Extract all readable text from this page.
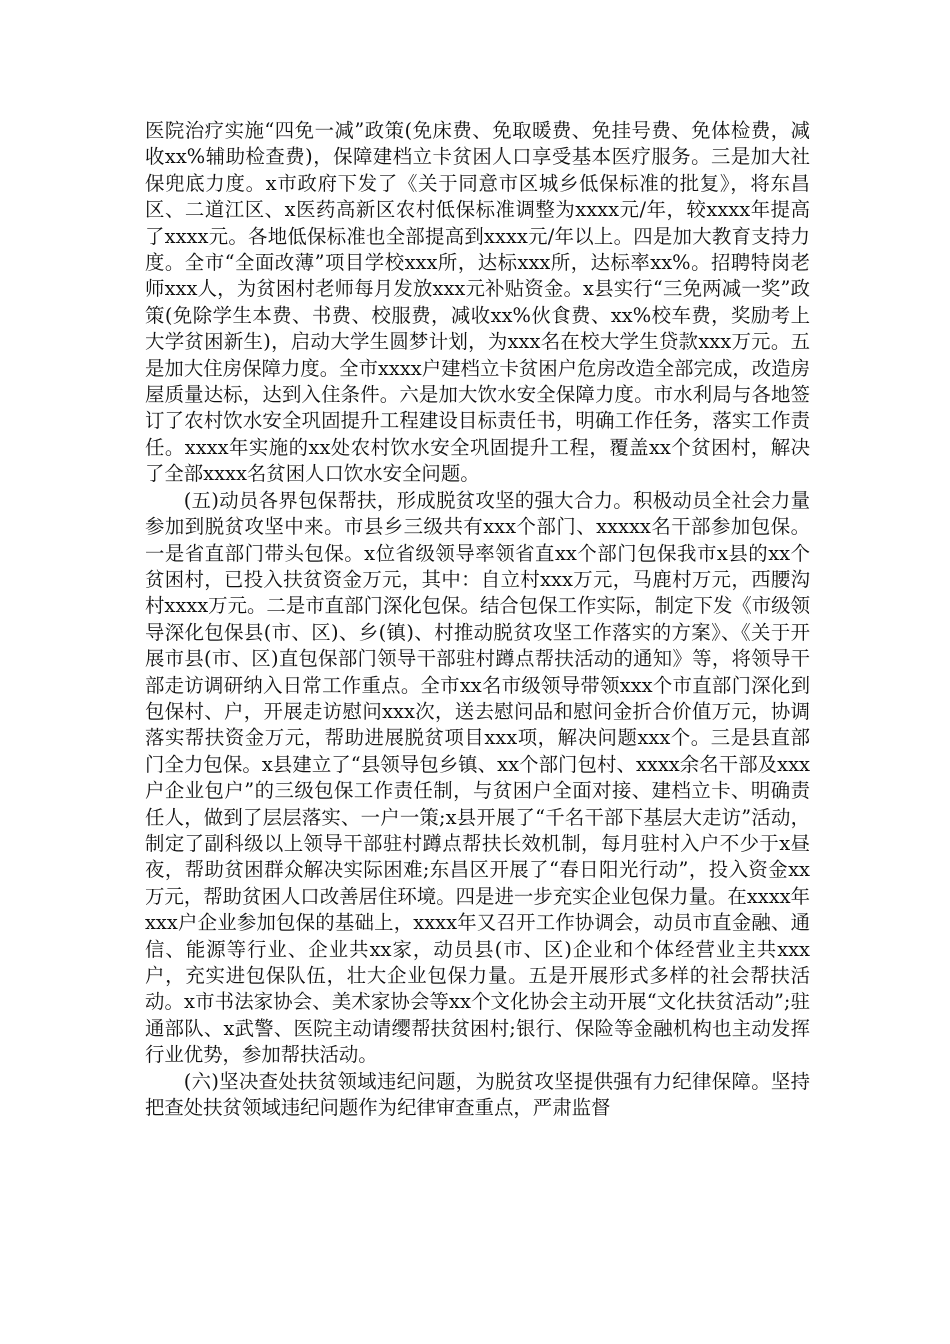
医院治疗实施“四免一减”政策(免床费、免取暖费、免挂号费、免体检费，减收xx%辅助检查费)，保障建档立卡贫困人口享受基本医疗服务。三是加大社保兜底力度。x市政府下发了《关于同意市区城乡低保标准的批复》，将东昌区、二道江区、x医药高新区农村低保标准调整为xxxx元/年，较xxxx年提高了xxxx元。各地低保标准也全部提高到xxxx元/年以上。四是加大教育支持力度。全市“全面改薄”项目学校xxx所，达标xxx所，达标率xx%。招聘特岗老师xxx人，为贫困村老师每月发放xxx元补贴资金。x县实行“三免两减一奖”政策(免除学生本费、书费、校服费，减收xx%伙食费、xx%校车费，奖励考上大学贫困新生)，启动大学生圆梦计划，为xxx名在校大学生贷款xxx万元。五是加大住房保障力度。全市xxxx户建档立卡贫困户危房改造全部完成，改造房屋质量达标，达到入住条件。六是加大饮水安全保障力度。市水利局与各地签订了农村饮水安全巩固提升工程建设目标责任书，明确工作任务，落实工作责任。xxxx年实施的xx处农村饮水安全巩固提升工程，覆盖xx个贫困村，解决了全部xxxx名贫困人口饮水安全问题。

(五)动员各界包保帮扶，形成脱贫攻坚的强大合力。积极动员全社会力量参加到脱贫攻坚中来。市县乡三级共有xxx个部门、xxxxx名干部参加包保。一是省直部门带头包保。x位省级领导率领省直xx个部门包保我市x县的xx个贫困村，已投入扶贫资金万元，其中：自立村xxx万元，马鹿村万元，西腰沟村xxxx万元。二是市直部门深化包保。结合包保工作实际，制定下发《市级领导深化包保县(市、区)、乡(镇)、村推动脱贫攻坚工作落实的方案》、《关于开展市县(市、区)直包保部门领导干部驻村蹲点帮扶活动的通知》等，将领导干部走访调研纳入日常工作重点。全市xx名市级领导带领xxx个市直部门深化到包保村、户，开展走访慰问xxx次，送去慰问品和慰问金折合价值万元，协调落实帮扶资金万元，帮助进展脱贫项目xxx项，解决问题xxx个。三是县直部门全力包保。x县建立了“县领导包乡镇、xx个部门包村、xxxx余名干部及xxx户企业包户”的三级包保工作责任制，与贫困户全面对接、建档立卡、明确责任人，做到了层层落实、一户一策;x县开展了“千名干部下基层大走访”活动，制定了副科级以上领导干部驻村蹲点帮扶长效机制，每月驻村入户不少于x昼夜，帮助贫困群众解决实际困难;东昌区开展了“春日阳光行动”，投入资金xx万元，帮助贫困人口改善居住环境。四是进一步充实企业包保力量。在xxxx年xxx户企业参加包保的基础上，xxxx年又召开工作协调会，动员市直金融、通信、能源等行业、企业共xx家，动员县(市、区)企业和个体经营业主共xxx户，充实进包保队伍，壮大企业包保力量。五是开展形式多样的社会帮扶活动。x市书法家协会、美术家协会等xx个文化协会主动开展“文化扶贫活动”;驻通部队、x武警、医院主动请缨帮扶贫困村;银行、保险等金融机构也主动发挥行业优势，参加帮扶活动。

(六)坚决查处扶贫领域违纪问题，为脱贫攻坚提供强有力纪律保障。坚持把查处扶贫领域违纪问题作为纪律审查重点，严肃监督
